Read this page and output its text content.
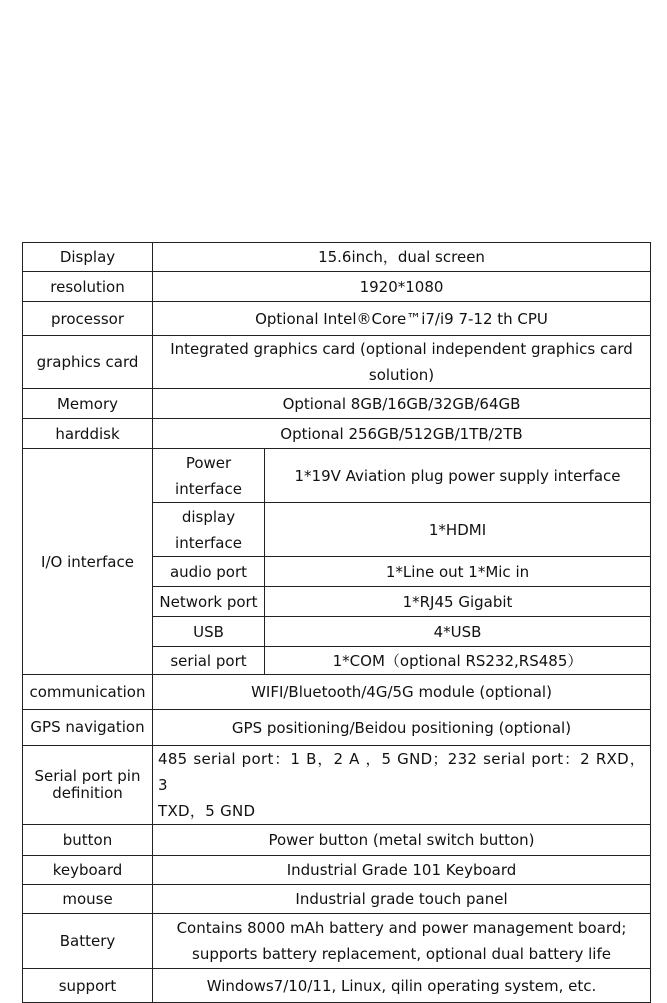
Display	15.6inch，dual screen	
resolution	1920*1080	
processor	Optional Intel®Core™i7/i9 7-12 th CPU	
graphics card	Integrated graphics card (optional independent graphics card solution)	
Memory	Optional 8GB/16GB/32GB/64GB	
harddisk	Optional 256GB/512GB/1TB/2TB	
I/O interface	Power interface	1*19V Aviation plug power supply interface
	display interface	1*HDMI
	audio port	1*Line out 1*Mic in
	Network port	1*RJ45 Gigabit
	USB	4*USB
	serial port	1*COM（optional RS232,RS485）
communication	WIFI/Bluetooth/4G/5G module (optional)	
GPS navigation	GPS positioning/Beidou positioning (optional)	
Serial port pin definition	485 serial port：1 B，2 A ，5 GND；232 serial port：2 RXD， 3
TXD，5 GND	

button	Power button (metal switch button)	
keyboard	Industrial Grade 101 Keyboard	
mouse	Industrial grade touch panel	
Battery	Contains 8000 mAh battery and power management board; supports battery replacement, optional dual battery life	
support	Windows7/10/11, Linux, qilin operating system, etc.	
